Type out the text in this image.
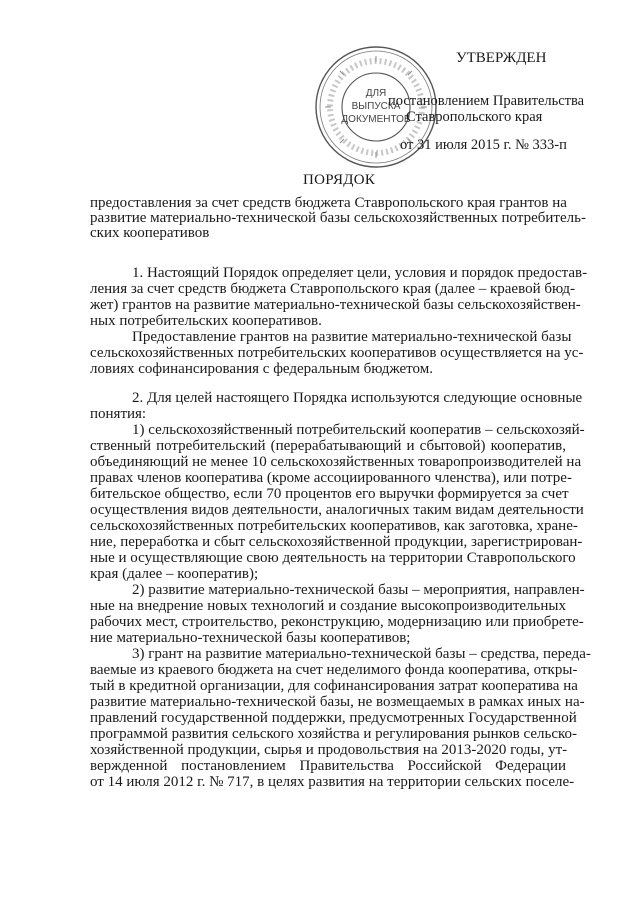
ДЛЯ
ВЫПУСКА
ДОКУМЕНТОВ
УТВЕРЖДЕН
постановлением Правительства
Ставропольского края
от 31 июля 2015 г. № 333-п
ПОРЯДОК
предоставления за счет средств бюджета Ставропольского края грантов на
развитие материально-технической базы сельскохозяйственных потребитель-
ских кооперативов
1. Настоящий Порядок определяет цели, условия и порядок предостав-
ления за счет средств бюджета Ставропольского края (далее – краевой бюд-
жет) грантов на развитие материально-технической базы сельскохозяйствен-
ных потребительских кооперативов.
Предоставление грантов на развитие материально-технической базы
сельскохозяйственных потребительских кооперативов осуществляется на ус-
ловиях софинансирования с федеральным бюджетом.
2. Для целей настоящего Порядка используются следующие основные
понятия:
1) сельскохозяйственный потребительский кооператив – сельскохозяй-
ственный потребительский (перерабатывающий и сбытовой) кооператив,
объединяющий не менее 10 сельскохозяйственных товаропроизводителей на
правах членов кооператива (кроме ассоциированного членства), или потре-
бительское общество, если 70 процентов его выручки формируется за счет
осуществления видов деятельности, аналогичных таким видам деятельности
сельскохозяйственных потребительских кооперативов, как заготовка, хране-
ние, переработка и сбыт сельскохозяйственной продукции, зарегистрирован-
ные и осуществляющие свою деятельность на территории Ставропольского
края (далее – кооператив);
2) развитие материально-технической базы – мероприятия, направлен-
ные на внедрение новых технологий и создание высокопроизводительных
рабочих мест, строительство, реконструкцию, модернизацию или приобрете-
ние материально-технической базы кооперативов;
3) грант на развитие материально-технической базы – средства, переда-
ваемые из краевого бюджета на счет неделимого фонда кооператива, откры-
тый в кредитной организации, для софинансирования затрат кооператива на
развитие материально-технической базы, не возмещаемых в рамках иных на-
правлений государственной поддержки, предусмотренных Государственной
программой развития сельского хозяйства и регулирования рынков сельско-
хозяйственной продукции, сырья и продовольствия на 2013-2020 годы, ут-
вержденной постановлением Правительства Российской Федерации
от 14 июля 2012 г. № 717, в целях развития на территории сельских поселе-
